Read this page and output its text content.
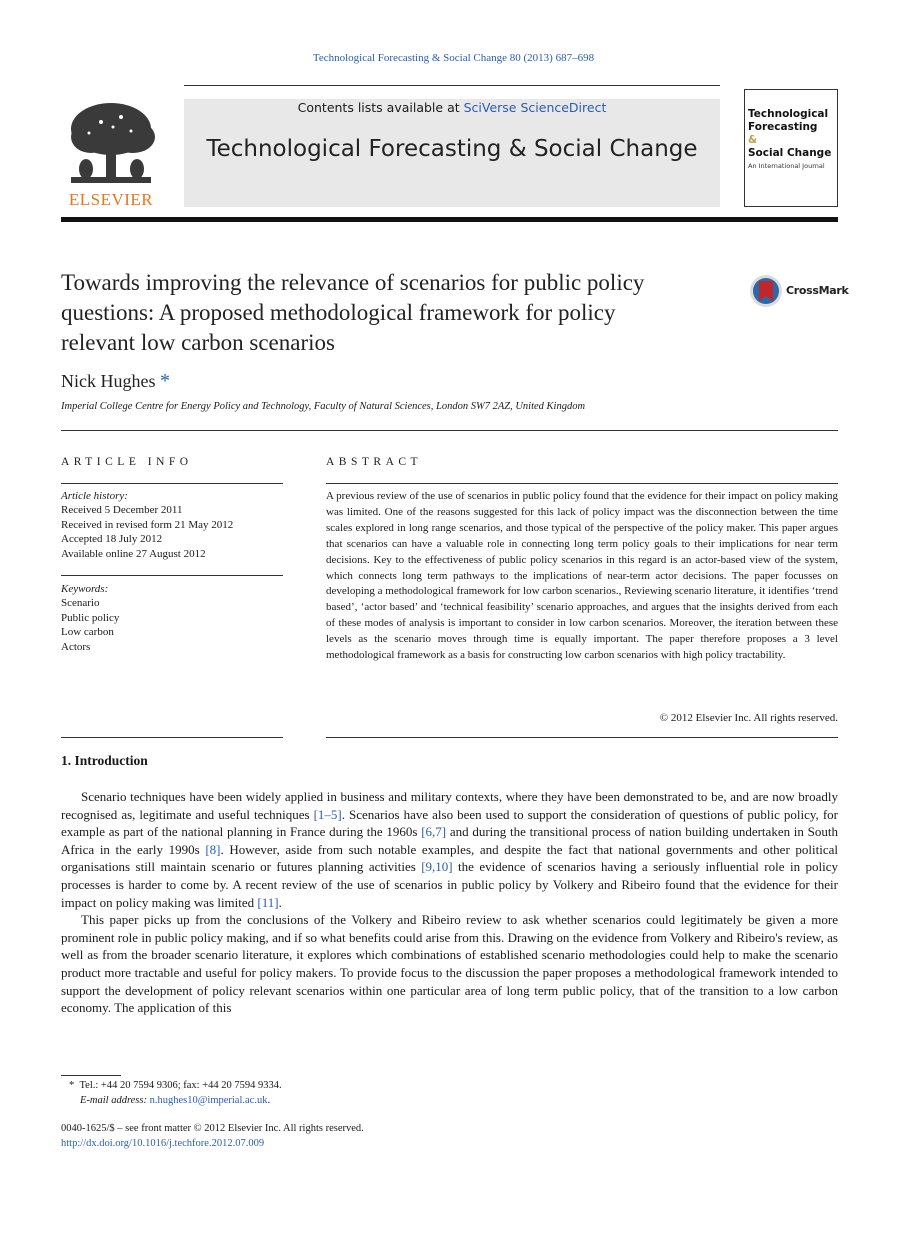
Technological Forecasting & Social Change 80 (2013) 687–698
ELSEVIER
Contents lists available at SciVerse ScienceDirect
Technological Forecasting & Social Change
Technological
Forecasting
&
Social Change
An International Journal
Towards improving the relevance of scenarios for public policy questions: A proposed methodological framework for policy relevant low carbon scenarios
CrossMark
Nick Hughes *
Imperial College Centre for Energy Policy and Technology, Faculty of Natural Sciences, London SW7 2AZ, United Kingdom
ARTICLE INFO	ABSTRACT
Article history:
Received 5 December 2011
Received in revised form 21 May 2012
Accepted 18 July 2012
Available online 27 August 2012
Keywords:
Scenario
Public policy
Low carbon
Actors
A previous review of the use of scenarios in public policy found that the evidence for their impact on policy making was limited. One of the reasons suggested for this lack of policy impact was the disconnection between the time scales explored in long range scenarios, and those typical of the perspective of the policy maker. This paper argues that scenarios can have a valuable role in connecting long term policy goals to their implications for near term decisions. Key to the effectiveness of public policy scenarios in this regard is an actor-based view of the system, which connects long term pathways to the implications of near-term actor decisions. The paper focusses on developing a methodological framework for low carbon scenarios., Reviewing scenario literature, it identifies ‘trend based’, ‘actor based’ and ‘technical feasibility’ scenario approaches, and argues that the insights derived from each of these modes of analysis is important to consider in low carbon scenarios. Moreover, the iteration between these levels as the scenario moves through time is equally important. The paper therefore proposes a 3 level methodological framework as a basis for constructing low carbon scenarios with high policy tractability.
© 2012 Elsevier Inc. All rights reserved.
1. Introduction

Scenario techniques have been widely applied in business and military contexts, where they have been demonstrated to be, and are now broadly recognised as, legitimate and useful techniques [1–5]. Scenarios have also been used to support the consideration of questions of public policy, for example as part of the national planning in France during the 1960s [6,7] and during the transitional process of nation building undertaken in South Africa in the early 1990s [8]. However, aside from such notable examples, and despite the fact that national governments and other political organisations still maintain scenario or futures planning activities [9,10] the evidence of scenarios having a seriously influential role in policy processes is harder to come by. A recent review of the use of scenarios in public policy by Volkery and Ribeiro found that the evidence for their impact on policy making was limited [11].

This paper picks up from the conclusions of the Volkery and Ribeiro review to ask whether scenarios could legitimately be given a more prominent role in public policy making, and if so what benefits could arise from this. Drawing on the evidence from Volkery and Ribeiro's review, as well as from the broader scenario literature, it explores which combinations of established scenario methodologies could help to make the scenario product more tractable and useful for policy makers. To provide focus to the discussion the paper proposes a methodological framework intended to support the development of policy relevant scenarios within one particular area of long term public policy, that of the transition to a low carbon economy. The application of this

* Tel.: +44 20 7594 9306; fax: +44 20 7594 9334.
E-mail address: n.hughes10@imperial.ac.uk.
0040-1625/$ – see front matter © 2012 Elsevier Inc. All rights reserved.
http://dx.doi.org/10.1016/j.techfore.2012.07.009
